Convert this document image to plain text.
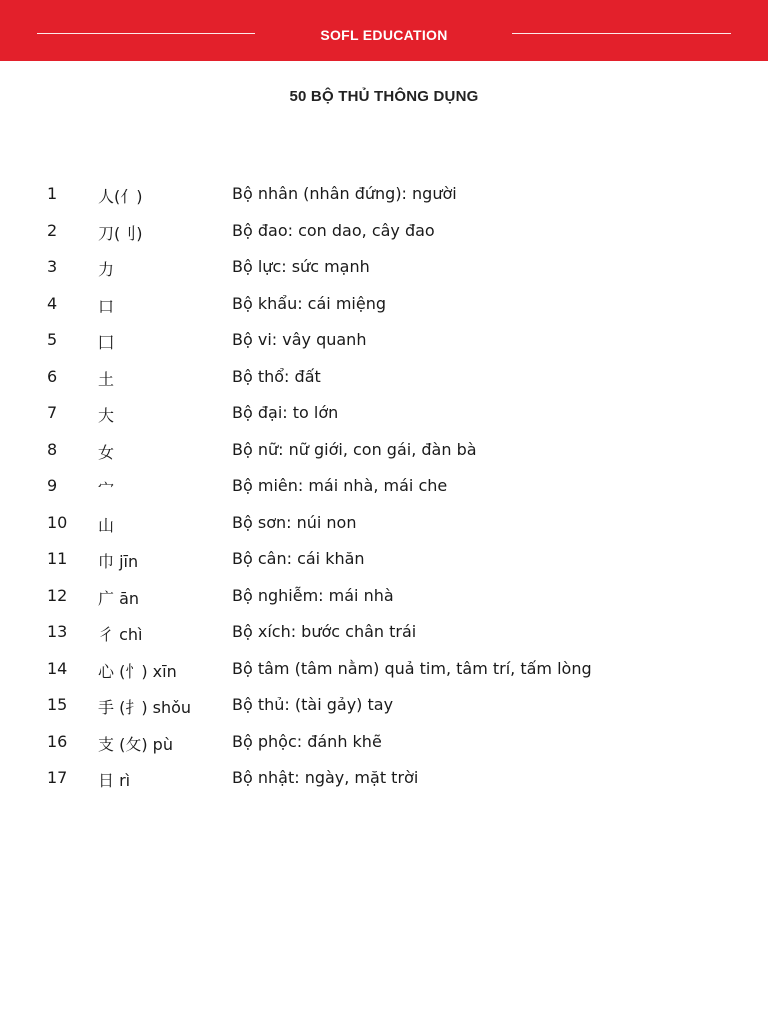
SOFL EDUCATION
50 BỘ THỦ THÔNG DỤNG
1	人(亻)	Bộ nhân (nhân đứng): người
2	刀(刂)	Bộ đao: con dao, cây đao
3	力	Bộ lực: sức mạnh
4	口	Bộ khẩu: cái miệng
5	囗	Bộ vi: vây quanh
6	土	Bộ thổ: đất
7	大	Bộ đại: to lớn
8	女	Bộ nữ: nữ giới, con gái, đàn bà
9	宀	Bộ miên: mái nhà, mái che
10 山	Bộ sơn: núi non
11 巾 jīn	Bộ cân: cái khăn
12 广 ān	Bộ nghiễm: mái nhà
13 彳 chì	Bộ xích: bước chân trái
14 心 (忄) xīn	Bộ tâm (tâm nằm) quả tim, tâm trí, tấm lòng
15 手 (扌) shǒu	Bộ thủ: (tài gảy) tay
16 支 (攵) pù	Bộ phộc: đánh khẽ
17 日 rì	Bộ nhật: ngày, mặt trời
